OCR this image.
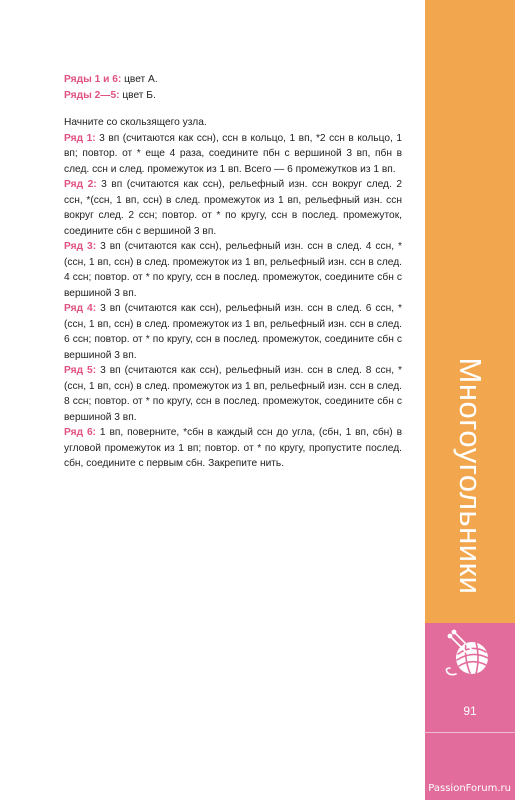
Ряды 1 и 6: цвет А.

Ряды 2—5: цвет Б.

Начните со скользящего узла.

Ряд 1: 3 вп (считаются как ссн), ссн в кольцо, 1 вп, *2 ссн в кольцо, 1 вп; повтор. от * еще 4 раза, соедините пбн с вершиной 3 вп, пбн в след. ссн и след. промежуток из 1 вп. Всего — 6 промежутков из 1 вп.

Ряд 2: 3 вп (считаются как ссн), рельефный изн. ссн вокруг след. 2 ссн, *(ссн, 1 вп, ссн) в след. промежуток из 1 вп, рельефный изн. ссн вокруг след. 2 ссн; повтор. от * по кругу, ссн в послед. промежуток, соедините сбн с вершиной 3 вп.

Ряд 3: 3 вп (считаются как ссн), рельефный изн. ссн в след. 4 ссн, *(ссн, 1 вп, ссн) в след. промежуток из 1 вп, рельефный изн. ссн в след. 4 ссн; повтор. от * по кругу, ссн в послед. промежуток, соедините сбн с вершиной 3 вп.

Ряд 4: 3 вп (считаются как ссн), рельефный изн. ссн в след. 6 ссн, *(ссн, 1 вп, ссн) в след. промежуток из 1 вп, рельефный изн. ссн в след. 6 ссн; повтор. от * по кругу, ссн в послед. промежуток, соедините сбн с вершиной 3 вп.

Ряд 5: 3 вп (считаются как ссн), рельефный изн. ссн в след. 8 ссн, *(ссн, 1 вп, ссн) в след. промежуток из 1 вп, рельефный изн. ссн в след. 8 ссн; повтор. от * по кругу, ссн в послед. промежуток, соедините сбн с вершиной 3 вп.

Ряд 6: 1 вп, поверните, *сбн в каждый ссн до угла, (сбн, 1 вп, сбн) в угловой промежуток из 1 вп; повтор. от * по кругу, пропустите послед. сбн, соедините с первым сбн. Закрепите нить.	Многоугольники
91
PassionForum.ru
